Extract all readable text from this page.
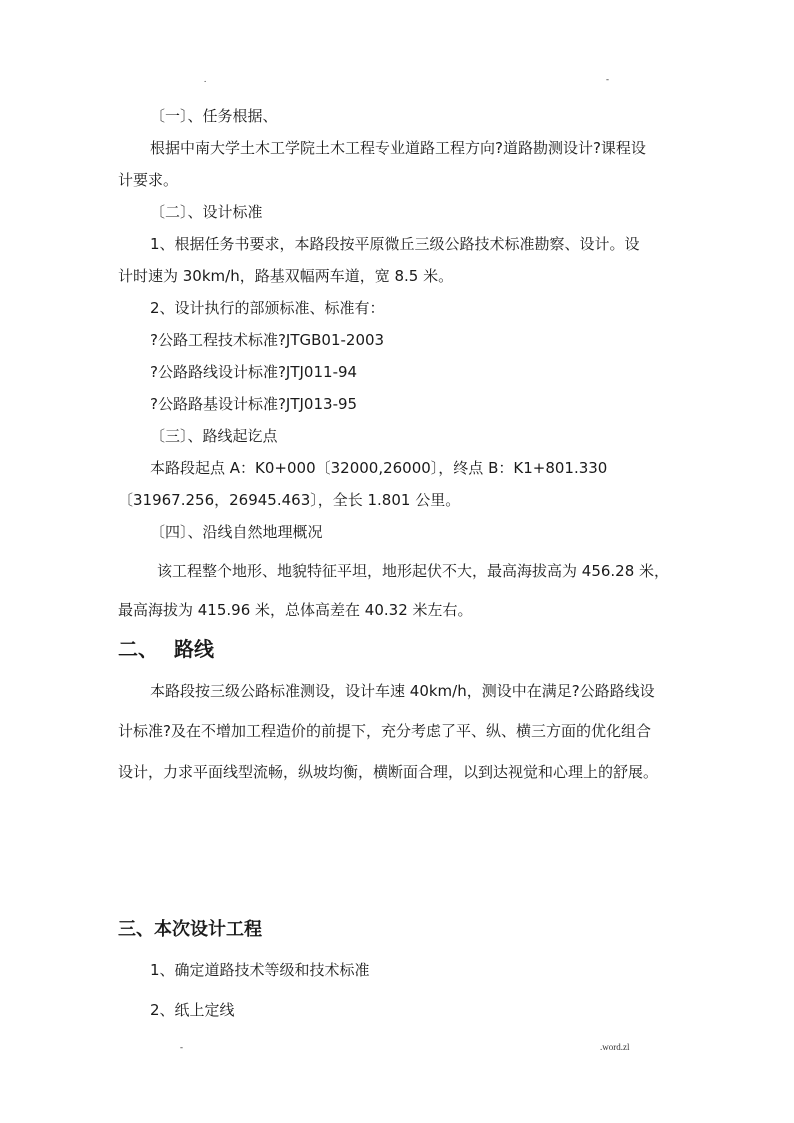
.	-
〔一〕、任务根据、
根据中南大学土木工学院土木工程专业道路工程方向?道路勘测设计?课程设
计要求。
〔二〕、设计标准
1、根据任务书要求，本路段按平原微丘三级公路技术标准勘察、设计。设
计时速为 30km/h，路基双幅两车道，宽 8.5 米。
2、设计执行的部颁标准、标准有：
?公路工程技术标准?JTGB01-2003
?公路路线设计标准?JTJ011-94
?公路路基设计标准?JTJ013-95
〔三〕、路线起讫点
本路段起点 A：K0+000〔32000,26000〕，终点 B：K1+801.330
〔31967.256，26945.463〕，全长 1.801 公里。
〔四〕、沿线自然地理概况
该工程整个地形、地貌特征平坦，地形起伏不大，最高海拔高为 456.28 米，
最高海拔为 415.96 米，总体高差在 40.32 米左右。
二、 路线
本路段按三级公路标准测设，设计车速 40km/h，测设中在满足?公路路线设
计标准?及在不增加工程造价的前提下，充分考虑了平、纵、横三方面的优化组合
设计，力求平面线型流畅，纵坡均衡，横断面合理，以到达视觉和心理上的舒展。
三、本次设计工程
1、确定道路技术等级和技术标准
2、纸上定线
-	.word.zl
